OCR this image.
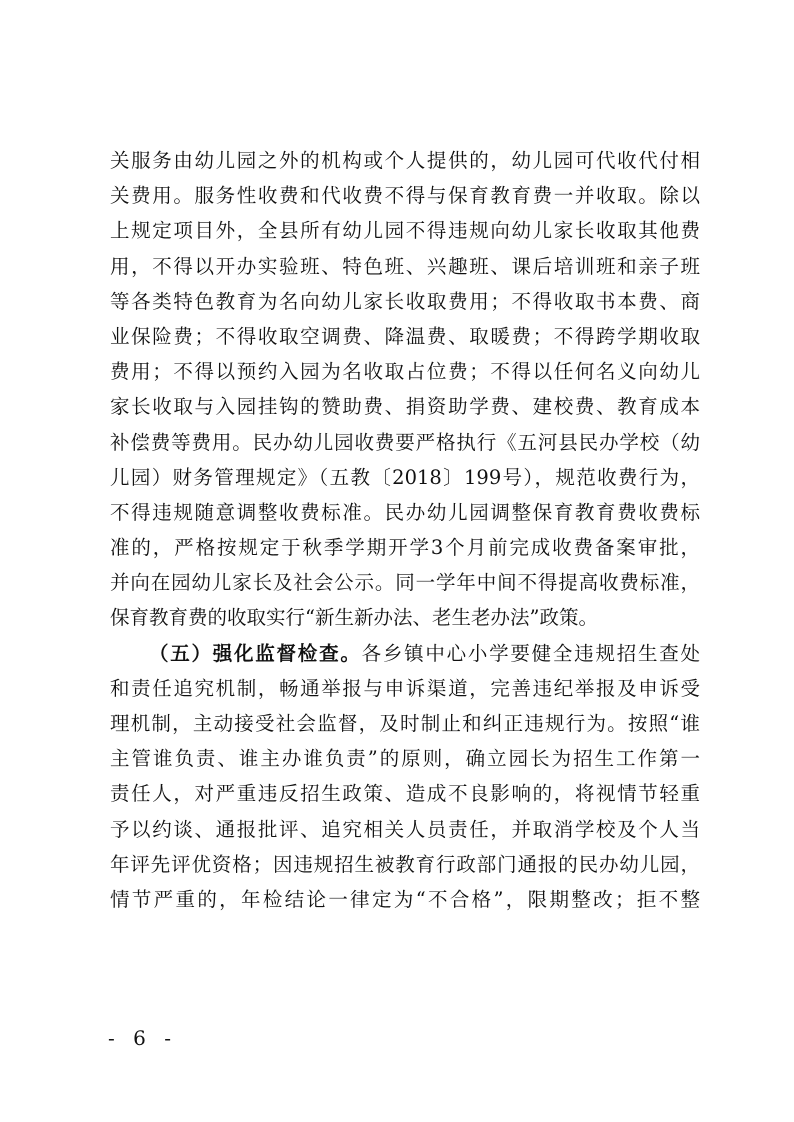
关服务由幼儿园之外的机构或个人提供的，幼儿园可代收代付相
关费用。服务性收费和代收费不得与保育教育费一并收取。除以
上规定项目外，全县所有幼儿园不得违规向幼儿家长收取其他费
用，不得以开办实验班、特色班、兴趣班、课后培训班和亲子班
等各类特色教育为名向幼儿家长收取费用；不得收取书本费、商
业保险费；不得收取空调费、降温费、取暖费；不得跨学期收取
费用；不得以预约入园为名收取占位费；不得以任何名义向幼儿
家长收取与入园挂钩的赞助费、捐资助学费、建校费、教育成本
补偿费等费用。民办幼儿园收费要严格执行《五河县民办学校（幼
儿园）财务管理规定》（五教〔2018〕199号），规范收费行为，
不得违规随意调整收费标准。民办幼儿园调整保育教育费收费标
准的，严格按规定于秋季学期开学3个月前完成收费备案审批，
并向在园幼儿家长及社会公示。同一学年中间不得提高收费标准，
保育教育费的收取实行“新生新办法、老生老办法”政策。
（五）强化监督检查。各乡镇中心小学要健全违规招生查处
和责任追究机制，畅通举报与申诉渠道，完善违纪举报及申诉受
理机制，主动接受社会监督，及时制止和纠正违规行为。按照“谁
主管谁负责、谁主办谁负责”的原则，确立园长为招生工作第一
责任人，对严重违反招生政策、造成不良影响的，将视情节轻重
予以约谈、通报批评、追究相关人员责任，并取消学校及个人当
年评先评优资格；因违规招生被教育行政部门通报的民办幼儿园，
情节严重的，年检结论一律定为“不合格”，限期整改；拒不整
- 6 -
